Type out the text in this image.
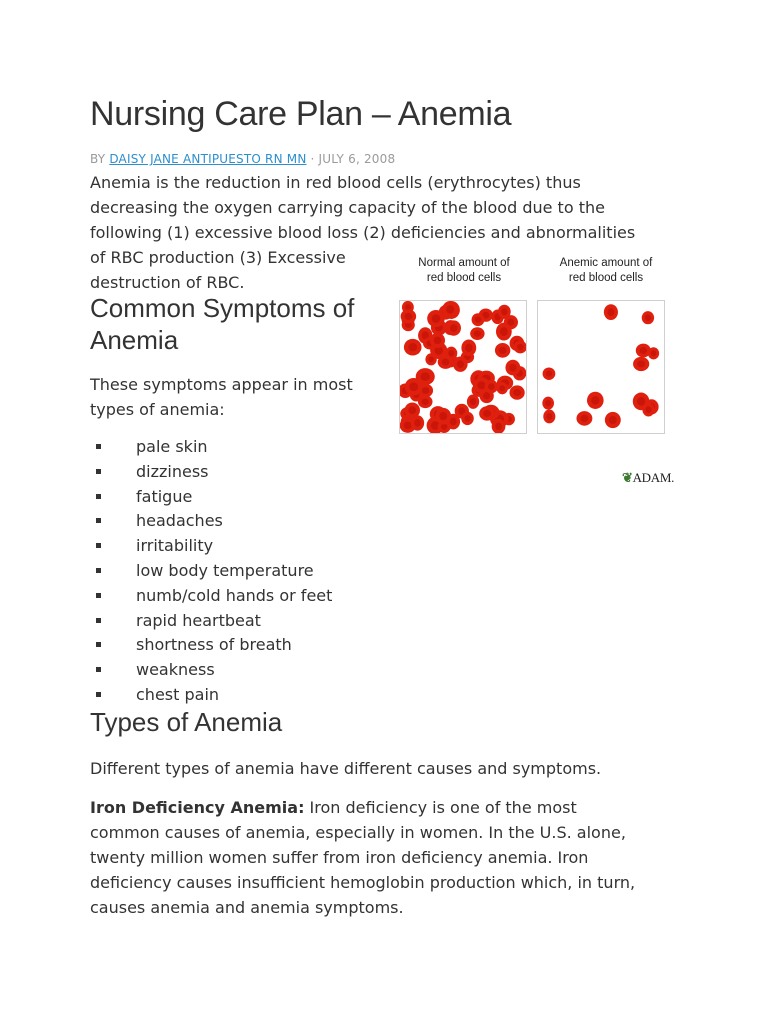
Nursing Care Plan – Anemia
BY DAISY JANE ANTIPUESTO RN MN · JULY 6, 2008

Anemia is the reduction in red blood cells (erythrocytes) thus
decreasing the oxygen carrying capacity of the blood due to the
following (1) excessive blood loss (2) deficiencies and abnormalities
of RBC production (3) Excessive
destruction of RBC.

Normal amount of
red blood cells
Anemic amount of
red blood cells
❦ADAM.
Common Symptoms of
Anemia

These symptoms appear in most
types of anemia:

pale skin
dizziness
fatigue
headaches
irritability
low body temperature
numb/cold hands or feet
rapid heartbeat
shortness of breath
weakness
chest pain
Types of Anemia

Different types of anemia have different causes and symptoms.

Iron Deficiency Anemia: Iron deficiency is one of the most
common causes of anemia, especially in women. In the U.S. alone,
twenty million women suffer from iron deficiency anemia. Iron
deficiency causes insufficient hemoglobin production which, in turn,
causes anemia and anemia symptoms.
